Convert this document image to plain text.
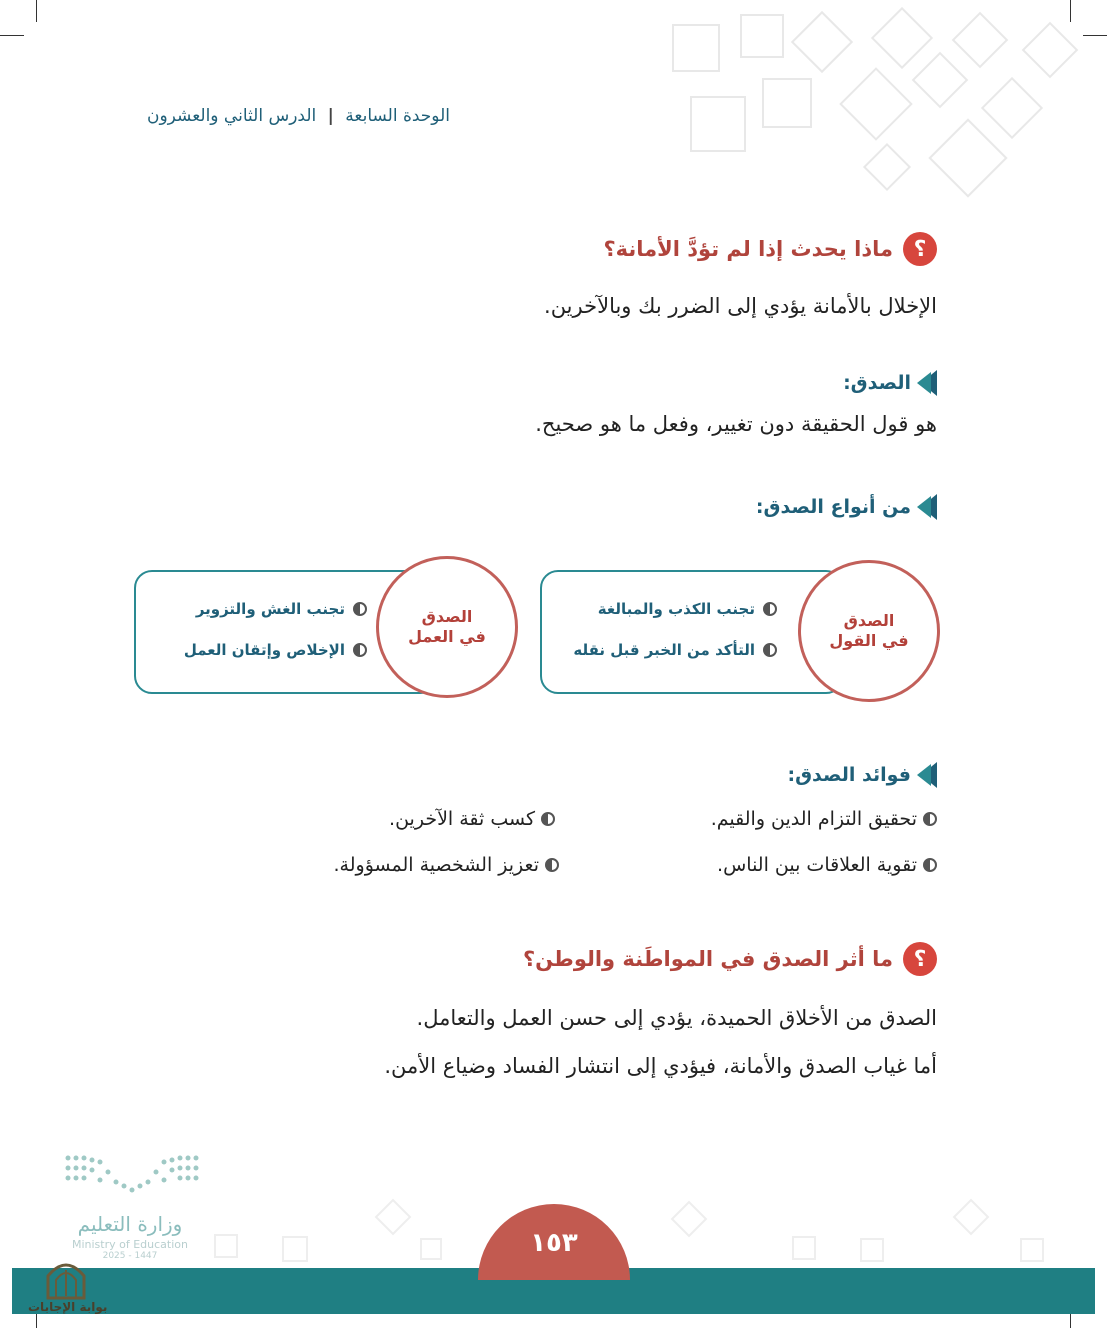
الوحدة السابعة | الدرس الثاني والعشرون
؟
ماذا يحدث إذا لم تؤدَّ الأمانة؟
الإخلال بالأمانة يؤدي إلى الضرر بك وبالآخرين.
الصدق:
هو قول الحقيقة دون تغيير، وفعل ما هو صحيح.
من أنواع الصدق:
الصدق في القول
تجنب الكذب والمبالغة
التأكد من الخبر قبل نقله
الصدق في العمل
تجنب الغش والتزوير
الإخلاص وإتقان العمل
فوائد الصدق:
تحقيق التزام الدين والقيم.
كسب ثقة الآخرين.
تقوية العلاقات بين الناس.
تعزيز الشخصية المسؤولة.
؟
ما أثر الصدق في المواطَنة والوطن؟
الصدق من الأخلاق الحميدة، يؤدي إلى حسن العمل والتعامل.
أما غياب الصدق والأمانة، فيؤدي إلى انتشار الفساد وضياع الأمن.
وزارة التعليم
Ministry of Education
2025 - 1447	١٥٣
بوابة الإجابات
